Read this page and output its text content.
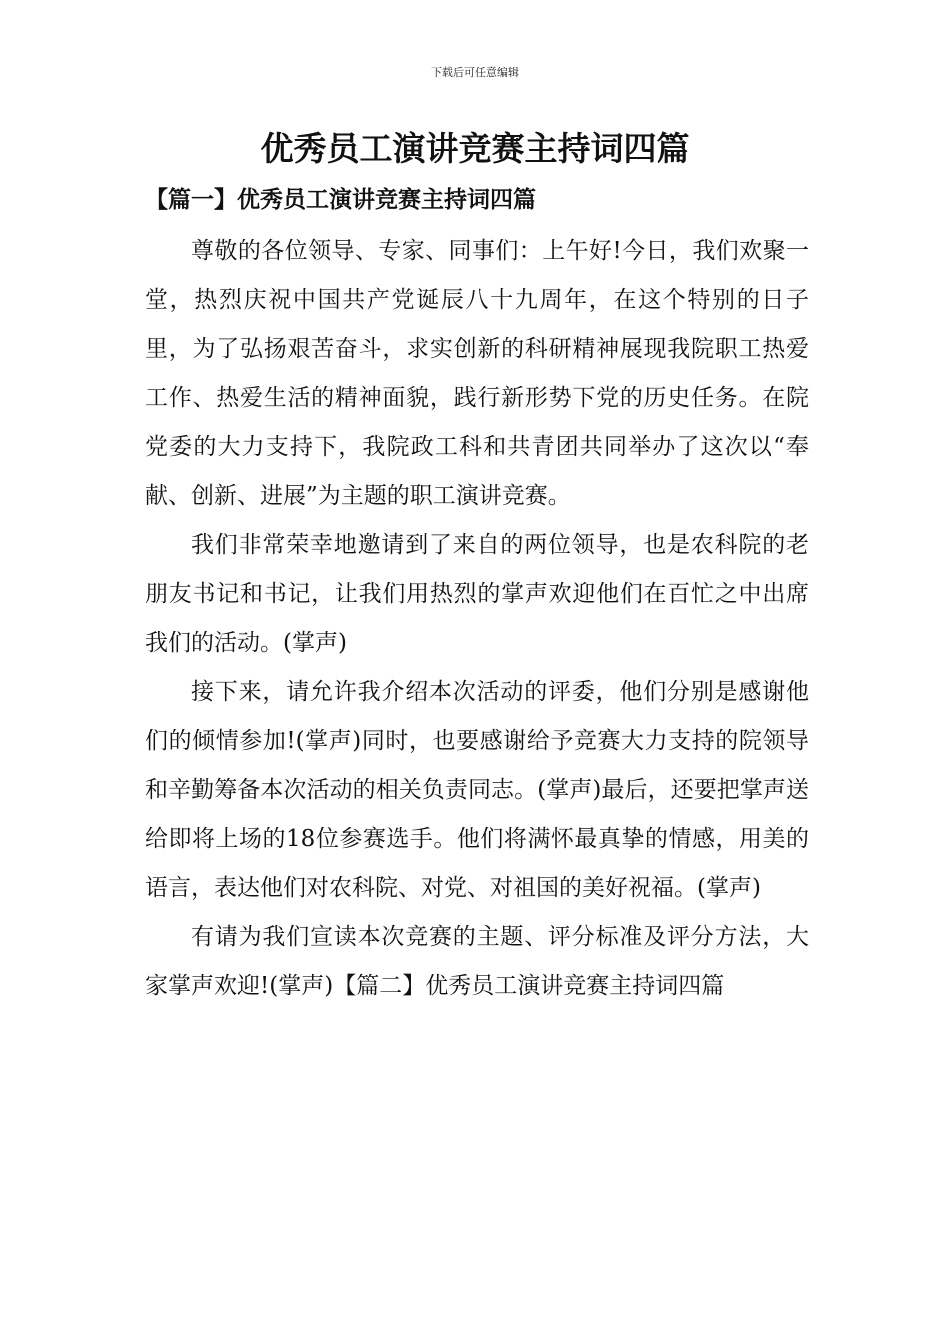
下载后可任意编辑
优秀员工演讲竞赛主持词四篇
【篇一】优秀员工演讲竞赛主持词四篇

尊敬的各位领导、专家、同事们：上午好!今日，我们欢聚一堂，热烈庆祝中国共产党诞辰八十九周年，在这个特别的日子里，为了弘扬艰苦奋斗，求实创新的科研精神展现我院职工热爱工作、热爱生活的精神面貌，践行新形势下党的历史任务。在院党委的大力支持下，我院政工科和共青团共同举办了这次以“奉献、创新、进展”为主题的职工演讲竞赛。

我们非常荣幸地邀请到了来自的两位领导，也是农科院的老朋友书记和书记，让我们用热烈的掌声欢迎他们在百忙之中出席我们的活动。(掌声)

接下来，请允许我介绍本次活动的评委，他们分别是感谢他们的倾情参加!(掌声)同时，也要感谢给予竞赛大力支持的院领导和辛勤筹备本次活动的相关负责同志。(掌声)最后，还要把掌声送给即将上场的18位参赛选手。他们将满怀最真挚的情感，用美的语言，表达他们对农科院、对党、对祖国的美好祝福。(掌声)

有请为我们宣读本次竞赛的主题、评分标准及评分方法，大家掌声欢迎!(掌声)【篇二】优秀员工演讲竞赛主持词四篇
